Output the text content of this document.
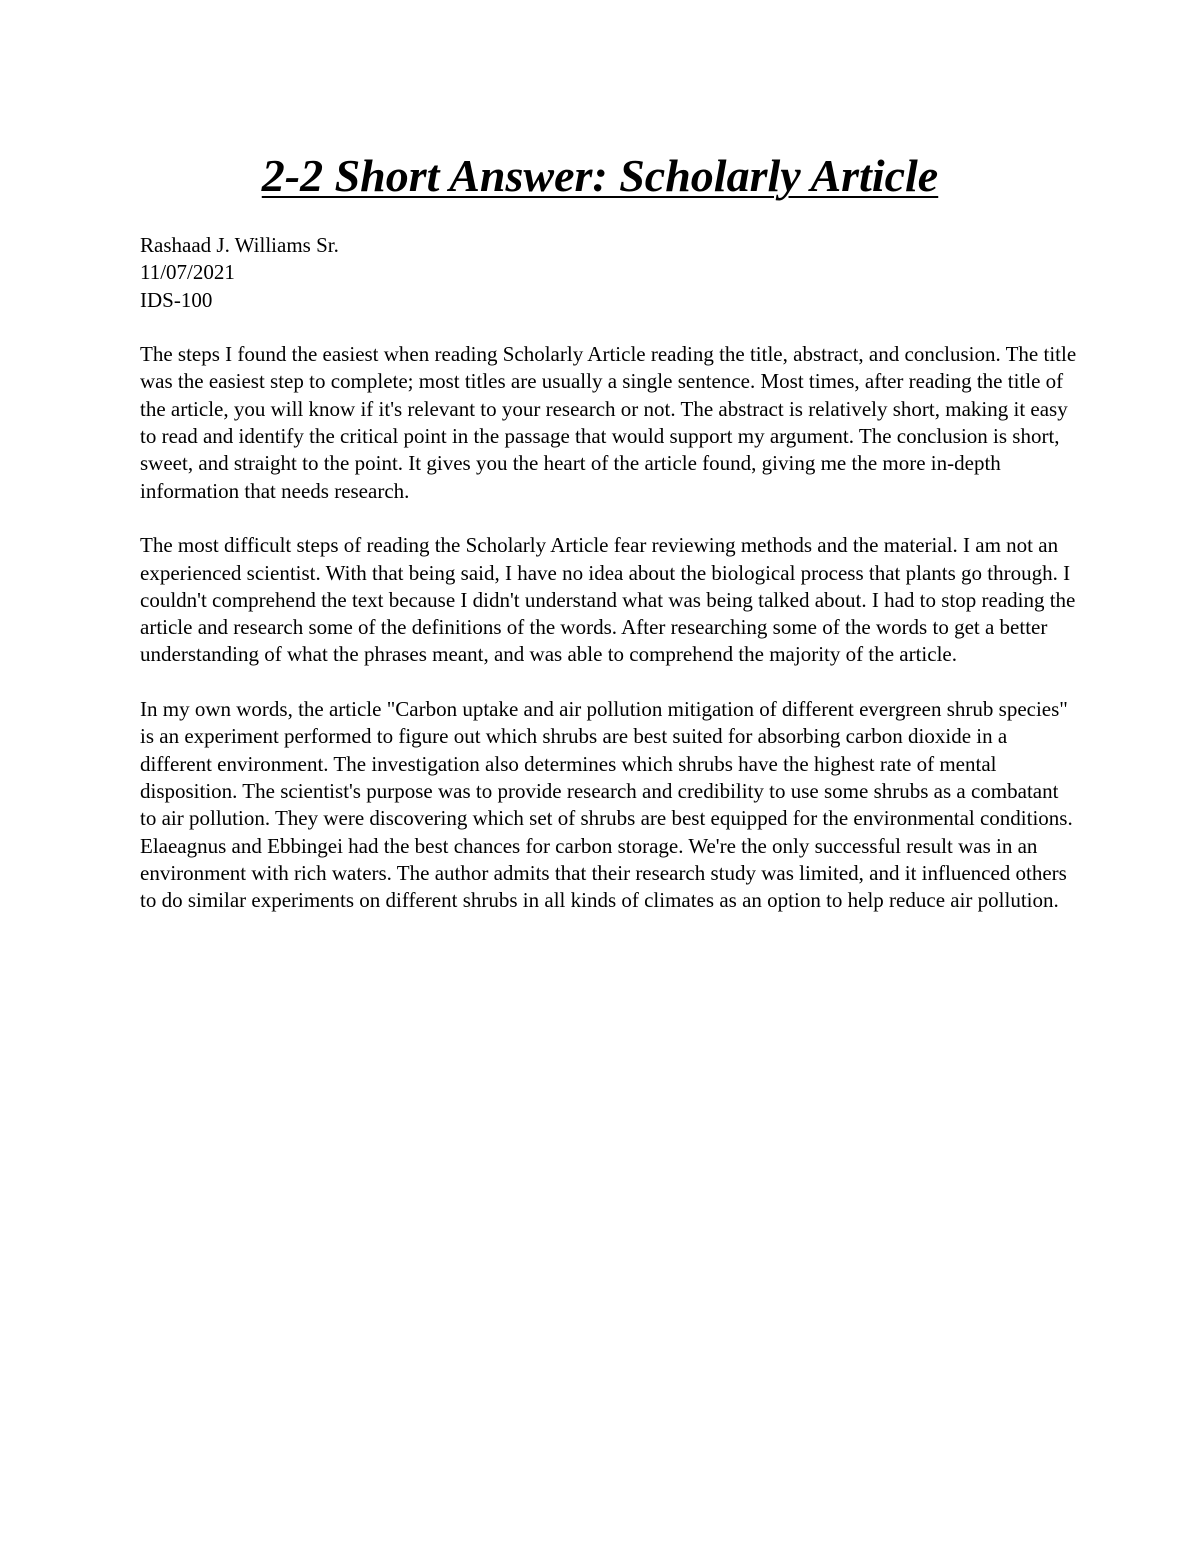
2-2 Short Answer: Scholarly Article

Rashaad J. Williams Sr.

11/07/2021

IDS-100

The steps I found the easiest when reading Scholarly Article reading the title, abstract, and conclusion. The title was the easiest step to complete; most titles are usually a single sentence. Most times, after reading the title of the article, you will know if it's relevant to your research or not. The abstract is relatively short, making it easy to read and identify the critical point in the passage that would support my argument. The conclusion is short, sweet, and straight to the point. It gives you the heart of the article found, giving me the more in-depth information that needs research.

The most difficult steps of reading the Scholarly Article fear reviewing methods and the material. I am not an experienced scientist. With that being said, I have no idea about the biological process that plants go through. I couldn't comprehend the text because I didn't understand what was being talked about. I had to stop reading the article and research some of the definitions of the words. After researching some of the words to get a better understanding of what the phrases meant, and was able to comprehend the majority of the article.

In my own words, the article "Carbon uptake and air pollution mitigation of different evergreen shrub species" is an experiment performed to figure out which shrubs are best suited for absorbing carbon dioxide in a different environment. The investigation also determines which shrubs have the highest rate of mental disposition. The scientist's purpose was to provide research and credibility to use some shrubs as a combatant to air pollution. They were discovering which set of shrubs are best equipped for the environmental conditions. Elaeagnus and Ebbingei had the best chances for carbon storage. We're the only successful result was in an environment with rich waters. The author admits that their research study was limited, and it influenced others to do similar experiments on different shrubs in all kinds of climates as an option to help reduce air pollution.
